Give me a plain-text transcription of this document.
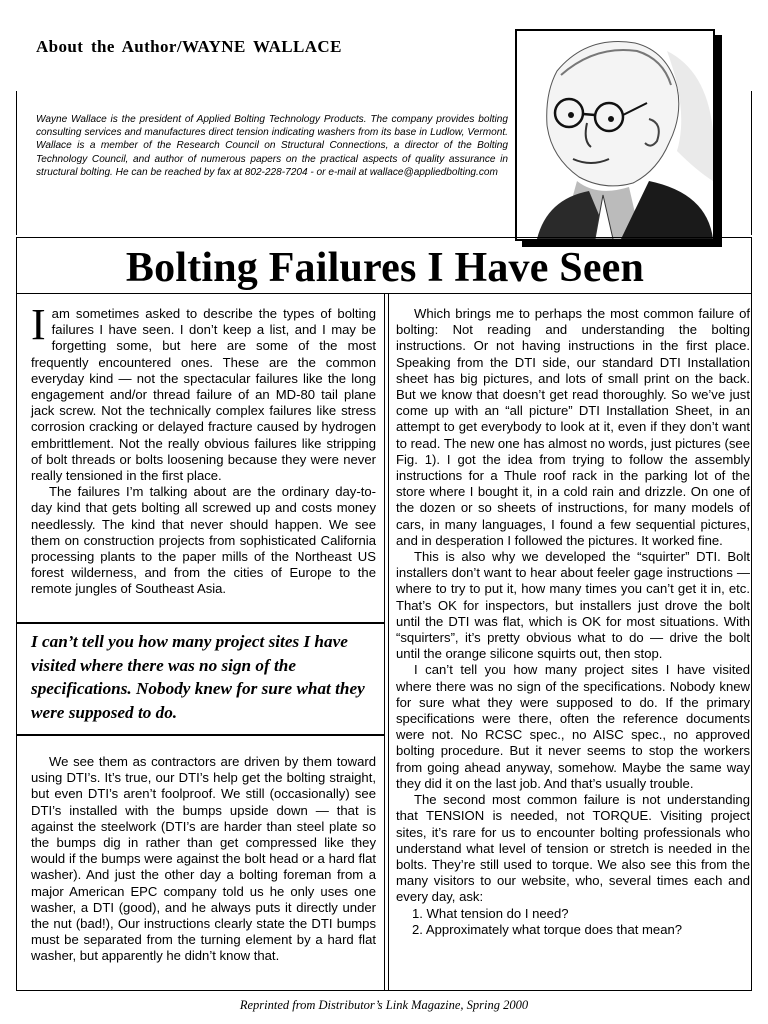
About the Author/WAYNE WALLACE

Wayne Wallace is the president of Applied Bolting Technology Products. The company provides bolting consulting services and manufactures direct tension indicating washers from its base in Ludlow, Vermont. Wallace is a member of the Research Council on Structural Connections, a director of the Bolting Technology Council, and author of numerous papers on the practical aspects of quality assurance in structural bolting. He can be reached by fax at 802-228-7204 - or e-mail at wallace@appliedbolting.com

Bolting Failures I Have Seen

Iam sometimes asked to describe the types of bolting failures I have seen. I don’t keep a list, and I may be forgetting some, but here are some of the most frequently encountered ones. These are the common everyday kind — not the spectacular failures like the long engagement and/or thread failure of an MD-80 tail plane jack screw. Not the technically complex failures like stress corrosion cracking or delayed fracture caused by hydrogen embrittlement. Not the really obvious failures like stripping of bolt threads or bolts loosening because they were never really tensioned in the first place.

The failures I’m talking about are the ordinary day-to-day kind that gets bolting all screwed up and costs money needlessly. The kind that never should happen. We see them on construction projects from sophisticated California processing plants to the paper mills of the Northeast US forest wilderness, and from the cities of Europe to the remote jungles of Southeast Asia.

I can’t tell you how many project sites I have visited where there was no sign of the specifications. Nobody knew for sure what they were supposed to do.

We see them as contractors are driven by them toward using DTI’s. It’s true, our DTI’s help get the bolting straight, but even DTI’s aren’t foolproof. We still (occasionally) see DTI’s installed with the bumps upside down — that is against the steelwork (DTI’s are harder than steel plate so the bumps dig in rather than get compressed like they would if the bumps were against the bolt head or a hard flat washer). And just the other day a bolting foreman from a major American EPC company told us he only uses one washer, a DTI (good), and he always puts it directly under the nut (bad!), Our instructions clearly state the DTI bumps must be separated from the turning element by a hard flat washer, but apparently he didn’t know that.

Which brings me to perhaps the most common failure of bolting: Not reading and understanding the bolting instructions. Or not having instructions in the first place. Speaking from the DTI side, our standard DTI Installation sheet has big pictures, and lots of small print on the back. But we know that doesn’t get read thoroughly. So we’ve just come up with an “all picture” DTI Installation Sheet, in an attempt to get everybody to look at it, even if they don’t want to read. The new one has almost no words, just pictures (see Fig. 1). I got the idea from trying to follow the assembly instructions for a Thule roof rack in the parking lot of the store where I bought it, in a cold rain and drizzle. On one of the dozen or so sheets of instructions, for many models of cars, in many languages, I found a few sequential pictures, and in desperation I followed the pictures. It worked fine.

This is also why we developed the “squirter” DTI. Bolt installers don’t want to hear about feeler gage instructions — where to try to put it, how many times you can’t get it in, etc. That’s OK for inspectors, but installers just drove the bolt until the DTI was flat, which is OK for most situations. With “squirters”, it’s pretty obvious what to do — drive the bolt until the orange silicone squirts out, then stop.

I can’t tell you how many project sites I have visited where there was no sign of the specifications. Nobody knew for sure what they were supposed to do. If the primary specifications were there, often the reference documents were not. No RCSC spec., no AISC spec., no approved bolting procedure. But it never seems to stop the workers from going ahead anyway, somehow. Maybe the same way they did it on the last job. And that’s usually trouble.

The second most common failure is not understanding that TENSION is needed, not TORQUE. Visiting project sites, it’s rare for us to encounter bolting professionals who understand what level of tension or stretch is needed in the bolts. They’re still used to torque. We also see this from the many visitors to our website, who, several times each and every day, ask:

1. What tension do I need?
2. Approximately what torque does that mean?

Reprinted from Distributor’s Link Magazine, Spring 2000
